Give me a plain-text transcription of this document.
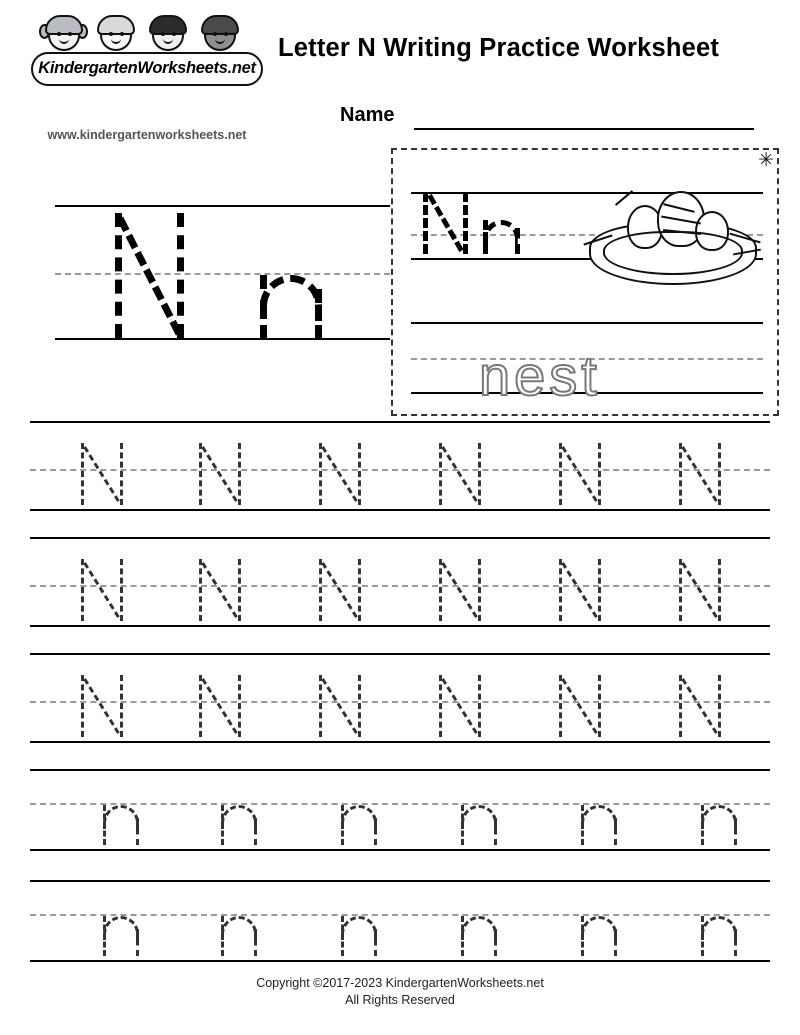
KindergartenWorksheets.net
www.kindergartenworksheets.net
Letter N Writing Practice Worksheet
Name
✳
nest
Copyright ©2017-2023 KindergartenWorksheets.net
All Rights Reserved
